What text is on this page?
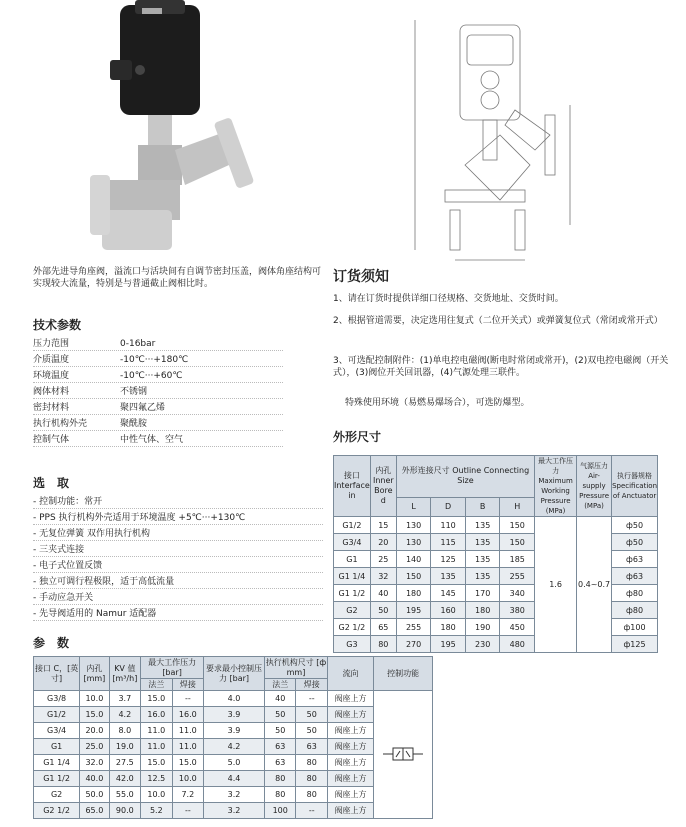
外部先进导角座阀，溢流口与活块间有自调节密封压盖，阀体角座结构可实现较大流量，特别是与普通截止阀相比时。	订货须知
1、请在订货时提供详细口径规格、交货地址、交货时间。
2、根据管道需要，决定选用往复式（二位开关式）或弹簧复位式（常闭或常开式）
3、可选配控制附件：(1)单电控电磁阀(断电时常闭或常开)，(2)双电控电磁阀（开关式），(3)阀位开关回讯器，(4)气源处理三联件。
特殊使用环境（易燃易爆场合），可选防爆型。
技术参数
压力范围	0-16bar
介质温度	-10℃···+180℃
环境温度	-10℃···+60℃
阀体材料	不锈钢
密封材料	聚四氟乙烯
执行机构外壳	聚酰胺
控制气体	中性气体、空气
选　取
- 控制功能：常开
- PPS 执行机构外壳适用于环境温度 +5℃···+130℃
- 无复位弹簧 双作用执行机构
- 三夹式连接
- 电子式位置反馈
- 独立可调行程极限，适于高低流量
- 手动应急开关
- 先导阀适用的 Namur 适配器
外形尺寸
接口 Interface in	内孔 Inner Bore d	外形连接尺寸 Outline Connecting Size				最大工作压力 Maximum Working Pressure (MPa)	气源压力 Air-supply Pressure (MPa)	执行器规格 Specification of Anctuator
		L	D	B	H			
G1/2	15	130	110	135	150	1.6	0.4~0.7	ф50
G3/4	20	130	115	135	150			ф50
G1	25	140	125	135	185			ф63
G1 1/4	32	150	135	135	255			ф63
G1 1/2	40	180	145	170	340			ф80
G2	50	195	160	180	380			ф80
G2 1/2	65	255	180	190	450			ф100
G3	80	270	195	230	480			ф125
参　数
接口 C，[英寸]	内孔 [mm]	KV 值 [m³/h]	最大工作压力 [bar]		要求最小控制压力 [bar]	执行机构尺寸 [ф mm]		流向	控制功能
			法兰	焊接		法兰	焊接		
G3/8	10.0	3.7	15.0	--	4.0	40	--	阀座上方	
G1/2	15.0	4.2	16.0	16.0	3.9	50	50	阀座上方	
G3/4	20.0	8.0	11.0	11.0	3.9	50	50	阀座上方	
G1	25.0	19.0	11.0	11.0	4.2	63	63	阀座上方	
G1 1/4	32.0	27.5	15.0	15.0	5.0	63	80	阀座上方	
G1 1/2	40.0	42.0	12.5	10.0	4.4	80	80	阀座上方	
G2	50.0	55.0	10.0	7.2	3.2	80	80	阀座上方	
G2 1/2	65.0	90.0	5.2	--	3.2	100	--	阀座上方	
